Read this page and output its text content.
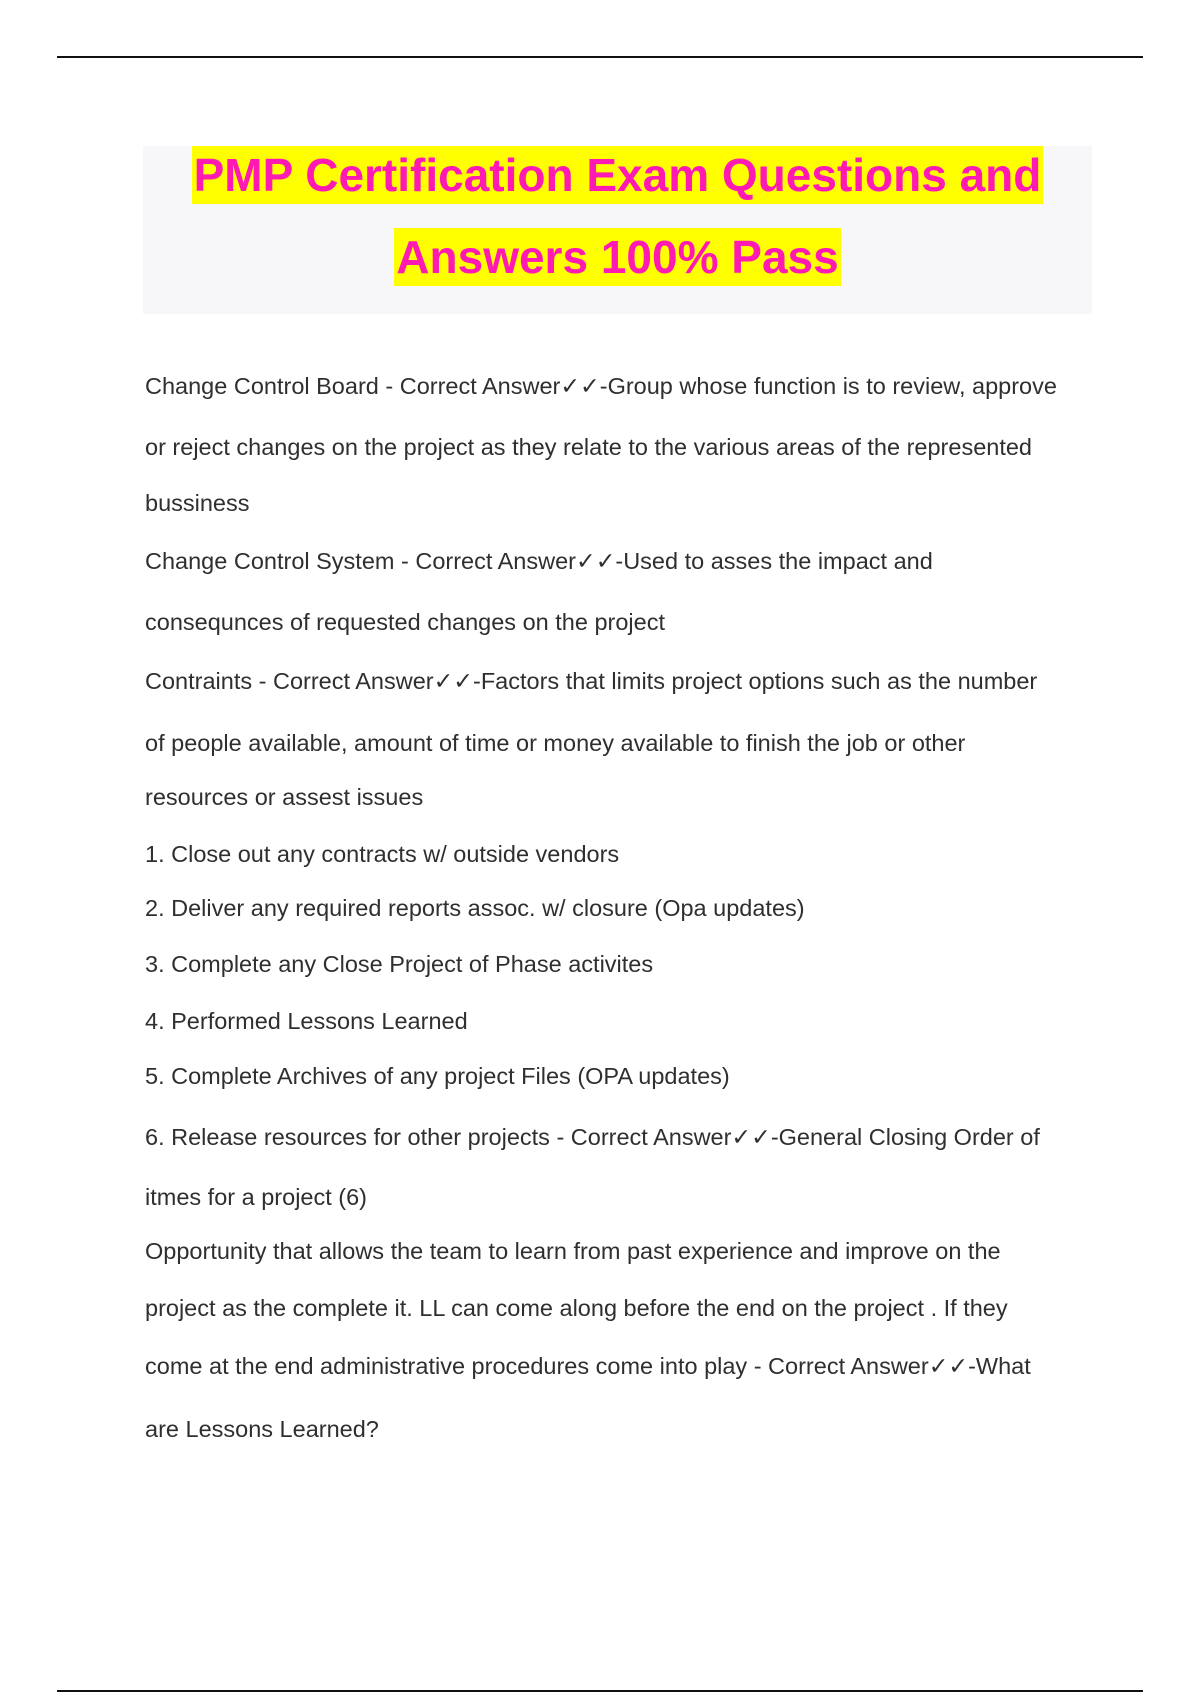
PMP Certification Exam Questions and
Answers 100% Pass
Change Control Board - Correct Answer✓✓-Group whose function is to review, approve
or reject changes on the project as they relate to the various areas of the represented
bussiness
Change Control System - Correct Answer✓✓-Used to asses the impact and
consequnces of requested changes on the project
Contraints - Correct Answer✓✓-Factors that limits project options such as the number
of people available, amount of time or money available to finish the job or other
resources or assest issues
1. Close out any contracts w/ outside vendors
2. Deliver any required reports assoc. w/ closure (Opa updates)
3. Complete any Close Project of Phase activites
4. Performed Lessons Learned
5. Complete Archives of any project Files (OPA updates)
6. Release resources for other projects - Correct Answer✓✓-General Closing Order of
itmes for a project (6)
Opportunity that allows the team to learn from past experience and improve on the
project as the complete it. LL can come along before the end on the project . If they
come at the end administrative procedures come into play - Correct Answer✓✓-What
are Lessons Learned?
